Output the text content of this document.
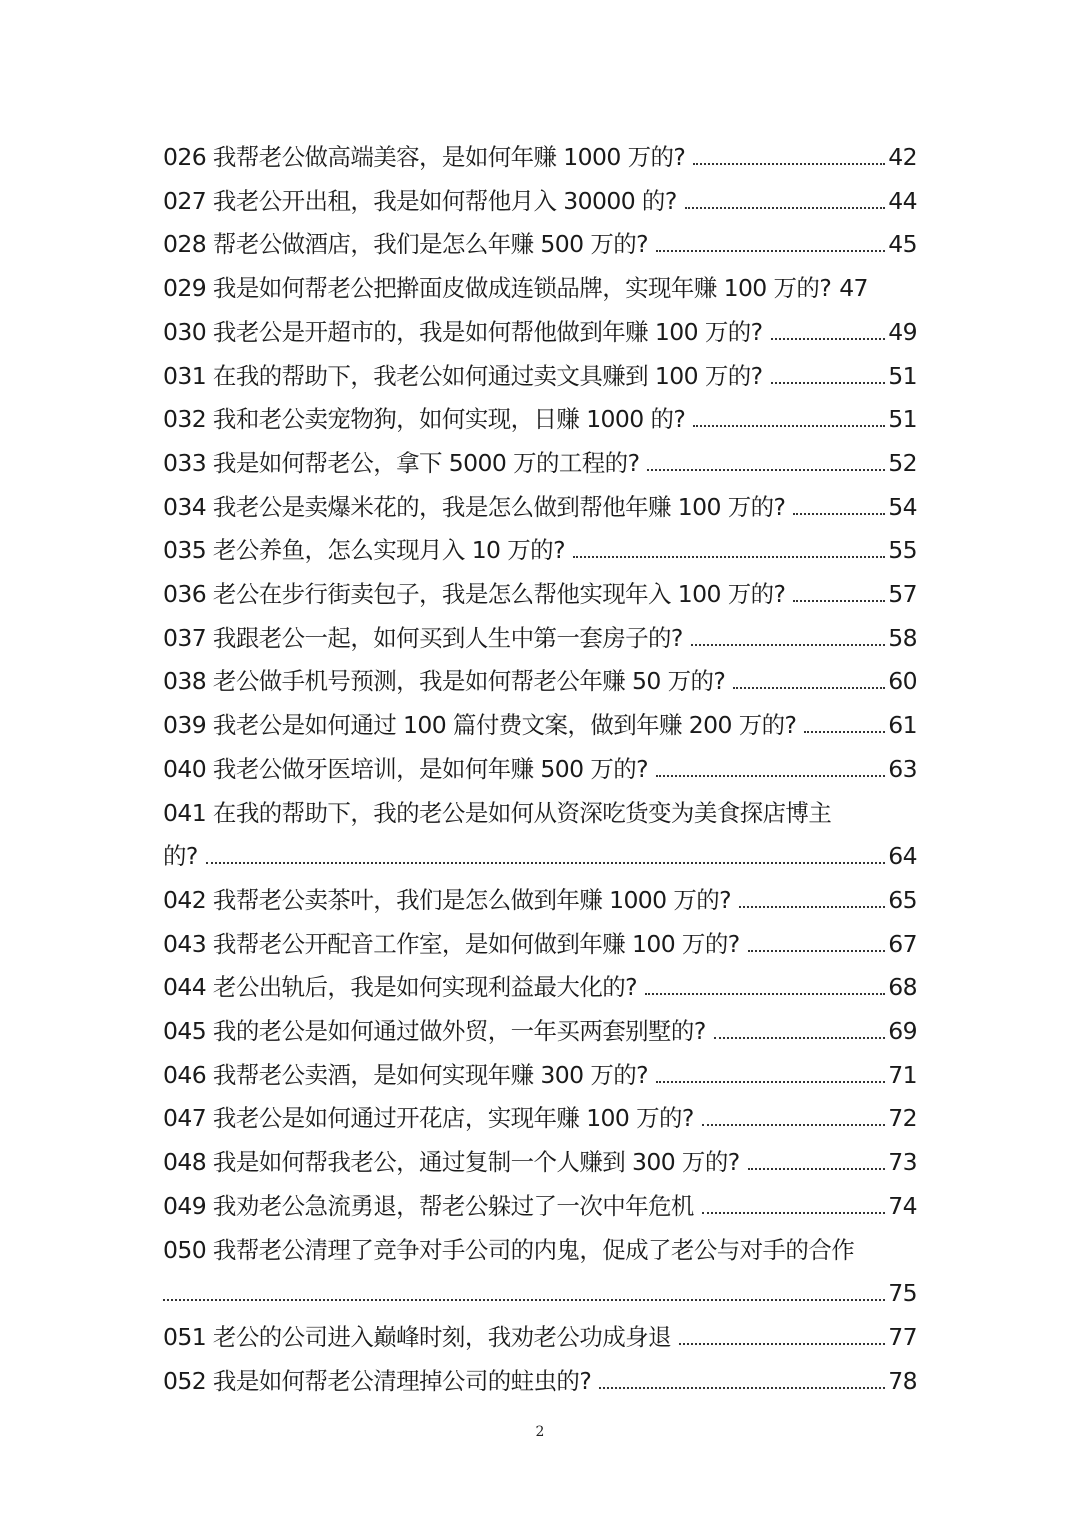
026 我帮老公做高端美容，是如何年赚 1000 万的?	42
027 我老公开出租，我是如何帮他月入 30000 的?	44
028 帮老公做酒店，我们是怎么年赚 500 万的?	45
029 我是如何帮老公把擀面皮做成连锁品牌，实现年赚 100 万的? 47
030 我老公是开超市的，我是如何帮他做到年赚 100 万的?	49
031 在我的帮助下，我老公如何通过卖文具赚到 100 万的?	51
032 我和老公卖宠物狗，如何实现，日赚 1000 的?	51
033 我是如何帮老公，拿下 5000 万的工程的?	52
034 我老公是卖爆米花的，我是怎么做到帮他年赚 100 万的?	54
035 老公养鱼，怎么实现月入 10 万的?	55
036 老公在步行街卖包子，我是怎么帮他实现年入 100 万的?	57
037 我跟老公一起，如何买到人生中第一套房子的?	58
038 老公做手机号预测，我是如何帮老公年赚 50 万的?	60
039 我老公是如何通过 100 篇付费文案，做到年赚 200 万的?	61
040 我老公做牙医培训，是如何年赚 500 万的?	63
041 在我的帮助下，我的老公是如何从资深吃货变为美食探店博主
的?	64
042 我帮老公卖茶叶，我们是怎么做到年赚 1000 万的?	65
043 我帮老公开配音工作室，是如何做到年赚 100 万的?	67
044 老公出轨后，我是如何实现利益最大化的?	68
045 我的老公是如何通过做外贸，一年买两套别墅的?	69
046 我帮老公卖酒，是如何实现年赚 300 万的?	71
047 我老公是如何通过开花店，实现年赚 100 万的?	72
048 我是如何帮我老公，通过复制一个人赚到 300 万的?	73
049 我劝老公急流勇退，帮老公躲过了一次中年危机	74
050 我帮老公清理了竞争对手公司的内鬼，促成了老公与对手的合作
75
051 老公的公司进入巅峰时刻，我劝老公功成身退	77
052 我是如何帮老公清理掉公司的蛀虫的?	78
2
